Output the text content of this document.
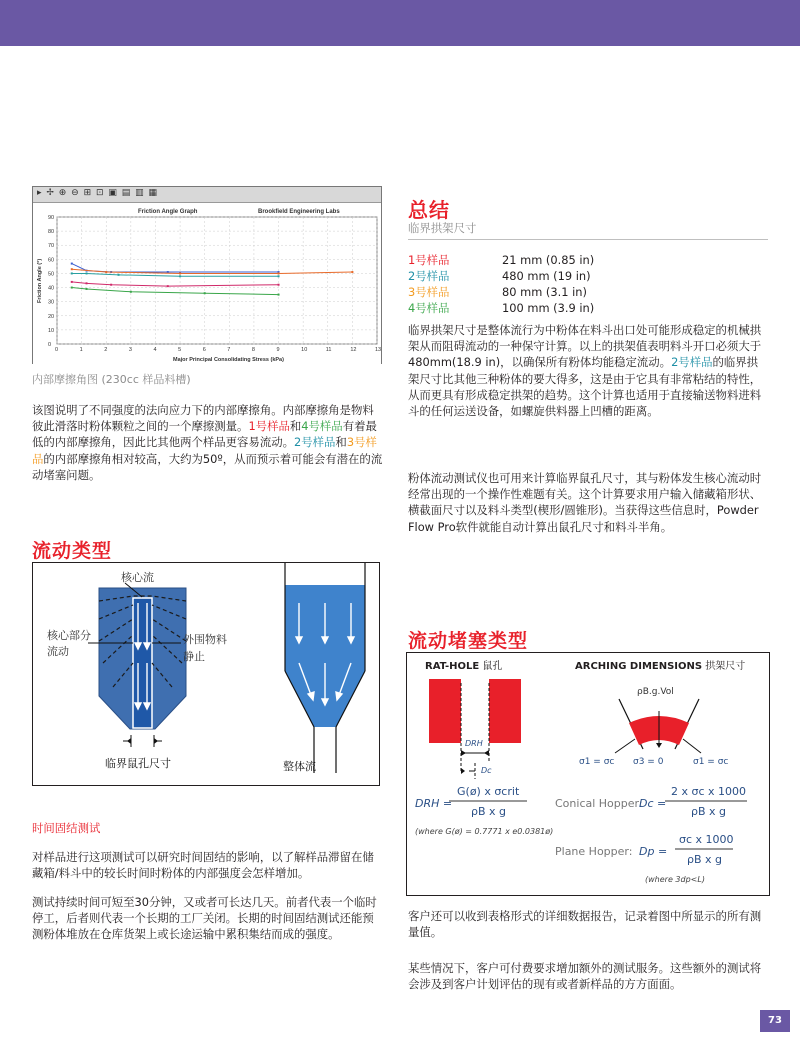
▸ ✢ ⊕ ⊖ ⊞ ⊡ ▣ ▤ ▥ ▦
Friction Angle Graph	Brookfield Engineering Labs
0	1	2	3	4	5	6	7	8	9	10	11	12	13
0
10
20
30
40
50
60
70
80
90
Friction Angle (°)
Major Principal Consolidating Stress (kPa)
内部摩擦角图 (230cc 样品料槽)
该图说明了不同强度的法向应力下的内部摩擦角。内部摩擦角是物料彼此滑落时粉体颗粒之间的一个摩擦测量。1号样品和4号样品有着最低的内部摩擦角，因此比其他两个样品更容易流动。2号样品和3号样品的内部摩擦角相对较高，大约为50º，从而预示着可能会有潜在的流动堵塞问题。
流动类型
核心流
核心部分
流动
外围物料
静止
临界鼠孔尺寸	整体流
时间固结测试
对样品进行这项测试可以研究时间固结的影响，以了解样品滞留在储藏箱/料斗中的较长时间时粉体的内部强度会怎样增加。
测试持续时间可短至30分钟，又或者可长达几天。前者代表一个临时停工，后者则代表一个长期的工厂关闭。长期的时间固结测试还能预测粉体堆放在仓库货架上或长途运输中累积集结而成的强度。
总结
临界拱架尺寸
1号样品	21 mm (0.85 in)
2号样品	480 mm (19 in)
3号样品	80 mm (3.1 in)
4号样品	100 mm (3.9 in)
临界拱架尺寸是整体流行为中粉体在料斗出口处可能形成稳定的机械拱架从而阻碍流动的一种保守计算。以上的拱架值表明料斗开口必须大于480mm(18.9 in)，以确保所有粉体均能稳定流动。2号样品的临界拱架尺寸比其他三种粉体的要大得多，这是由于它具有非常粘结的特性，从而更具有形成稳定拱架的趋势。这个计算也适用于直接输送物料进料斗的任何运送设备，如螺旋供料器上凹槽的距离。
粉体流动测试仪也可用来计算临界鼠孔尺寸，其与粉体发生核心流动时经常出现的一个操作性难题有关。这个计算要求用户输入储藏箱形状、横截面尺寸以及料斗类型(楔形/圆锥形)。当获得这些信息时，Powder Flow Pro软件就能自动计算出鼠孔尺寸和料斗半角。
流动堵塞类型
RAT-HOLE 鼠孔	ARCHING DIMENSIONS 拱架尺寸
ρB.g.Vol
σ1 = σc σ3 = 0	σ1 = σc
DRH
Dc
DRH =
G(ø) x σcrit
ρB x g
(where G(ø) = 0.7771 x e0.0381ø)
Conical Hopper:
Dc =
2 x σc x 1000
ρB x g
Plane Hopper: Dp =
σc x 1000
ρB x g
(where 3dp<L)
客户还可以收到表格形式的详细数据报告，记录着图中所显示的所有测量值。
某些情况下，客户可付费要求增加额外的测试服务。这些额外的测试将会涉及到客户计划评估的现有或者新样品的方方面面。
73
